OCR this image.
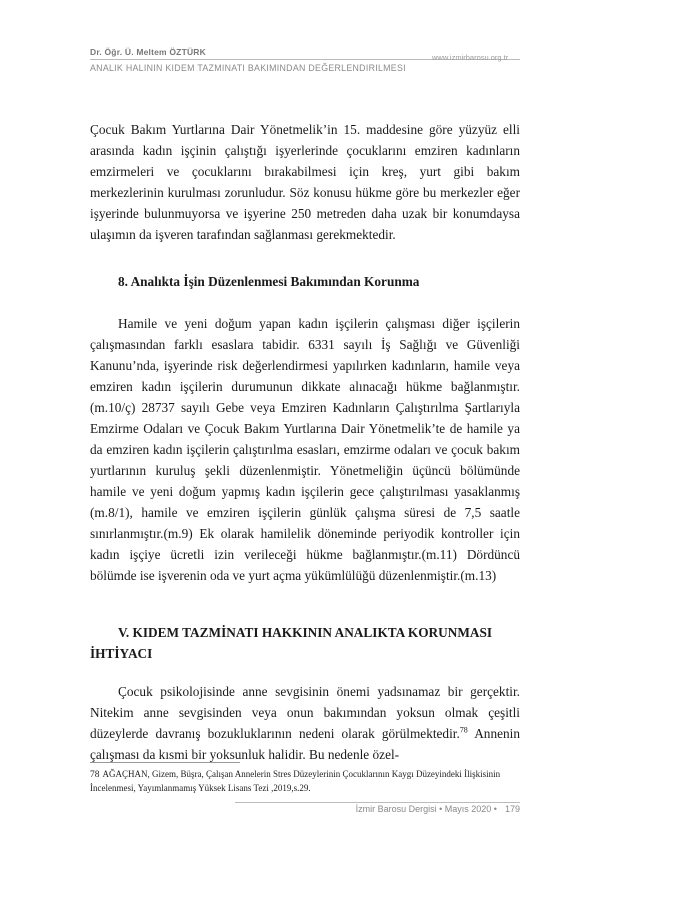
Dr. Öğr. Ü. Meltem ÖZTÜRK
ANALIK HALININ KIDEM TAZMINATI BAKIMINDAN DEĞERLENDIRILMESI
www.izmirbarosu.org.tr
Çocuk Bakım Yurtlarına Dair Yönetmelik’in 15. maddesine göre yüzyüz elli arasında kadın işçinin çalıştığı işyerlerinde çocuklarını emziren kadınların emzirmeleri ve çocuklarını bırakabilmesi için kreş, yurt gibi bakım merkezlerinin kurulması zorunludur. Söz konusu hükme göre bu merkezler eğer işyerinde bulunmuyorsa ve işyerine 250 metreden daha uzak bir konumdaysa ulaşımın da işveren tarafından sağlanması gerekmektedir.
8. Analıkta İşin Düzenlenmesi Bakımından Korunma
Hamile ve yeni doğum yapan kadın işçilerin çalışması diğer işçilerin çalışmasından farklı esaslara tabidir. 6331 sayılı İş Sağlığı ve Güvenliği Kanunu’nda, işyerinde risk değerlendirmesi yapılırken kadınların, hamile veya emziren kadın işçilerin durumunun dikkate alınacağı hükme bağlanmıştır. (m.10/ç) 28737 sayılı Gebe veya Emziren Kadınların Çalıştırılma Şartlarıyla Emzirme Odaları ve Çocuk Bakım Yurtlarına Dair Yönetmelik’te de hamile ya da emziren kadın işçilerin çalıştırılma esasları, emzirme odaları ve çocuk bakım yurtlarının kuruluş şekli düzenlenmiştir. Yönetmeliğin üçüncü bölümünde hamile ve yeni doğum yapmış kadın işçilerin gece çalıştırılması yasaklanmış (m.8/1), hamile ve emziren işçilerin günlük çalışma süresi de 7,5 saatle sınırlanmıştır.(m.9) Ek olarak hamilelik döneminde periyodik kontroller için kadın işçiye ücretli izin verileceği hükme bağlanmıştır.(m.11) Dördüncü bölümde ise işverenin oda ve yurt açma yükümlülüğü düzenlenmiştir.(m.13)
V. KIDEM TAZMİNATI HAKKININ ANALIKTA KORUNMASI İHTİYACI
Çocuk psikolojisinde anne sevgisinin önemi yadsınamaz bir gerçektir. Nitekim anne sevgisinden veya onun bakımından yoksun olmak çeşitli düzeylerde davranış bozukluklarının nedeni olarak görülmektedir.$^{78}$ Annenin çalışması da kısmi bir yoksunluk halidir. Bu nedenle özel-
78 AĞAÇHAN, Gizem, Büşra, Çalışan Annelerin Stres Düzeylerinin Çocuklarının Kaygı Düzeyindeki İlişkisinin İncelenmesi, Yayımlanmamış Yüksek Lisans Tezi ,2019,s.29.
İzmir Barosu Dergisi • Mayıs 2020 • 179
